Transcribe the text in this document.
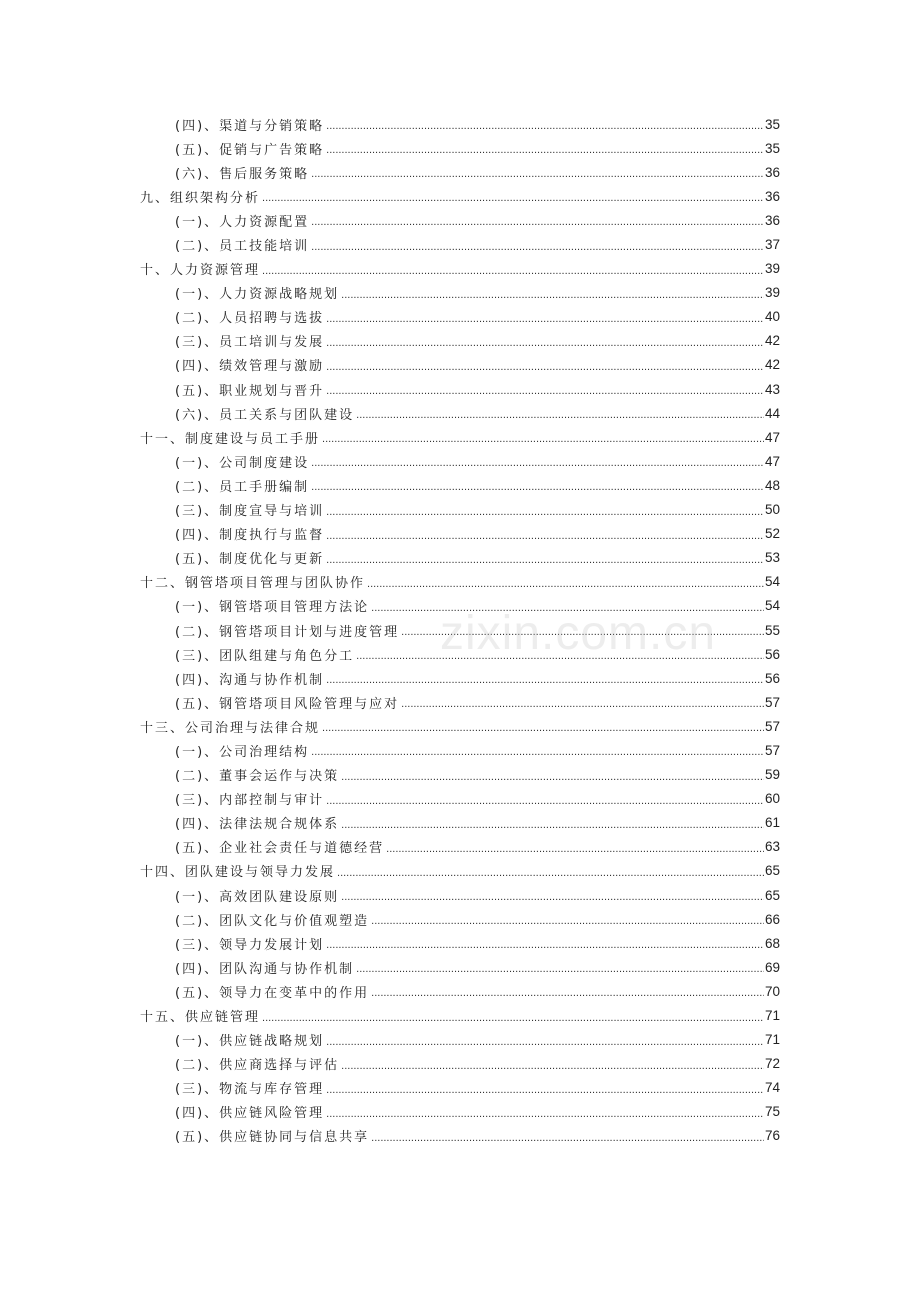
(四)、渠道与分销策略 .....	35
(五)、促销与广告策略 .....	35
(六)、售后服务策略 .....	36
九、组织架构分析 .....	36
(一)、人力资源配置 .....	36
(二)、员工技能培训 .....	37
十、人力资源管理 .....	39
(一)、人力资源战略规划 .....	39
(二)、人员招聘与选拔 .....	40
(三)、员工培训与发展 .....	42
(四)、绩效管理与激励 .....	42
(五)、职业规划与晋升 .....	43
(六)、员工关系与团队建设 .....	44
十一、制度建设与员工手册 .....	47
(一)、公司制度建设 .....	47
(二)、员工手册编制 .....	48
(三)、制度宣导与培训 .....	50
(四)、制度执行与监督 .....	52
(五)、制度优化与更新 .....	53
十二、钢管塔项目管理与团队协作 .....	54
(一)、钢管塔项目管理方法论 .....	54
(二)、钢管塔项目计划与进度管理 .....	55
(三)、团队组建与角色分工 .....	56
(四)、沟通与协作机制 .....	56
(五)、钢管塔项目风险管理与应对 .....	57
十三、公司治理与法律合规 .....	57
(一)、公司治理结构 .....	57
(二)、董事会运作与决策 .....	59
(三)、内部控制与审计 .....	60
(四)、法律法规合规体系 .....	61
(五)、企业社会责任与道德经营 .....	63
十四、团队建设与领导力发展 .....	65
(一)、高效团队建设原则 .....	65
(二)、团队文化与价值观塑造 .....	66
(三)、领导力发展计划 .....	68
(四)、团队沟通与协作机制 .....	69
(五)、领导力在变革中的作用 .....	70
十五、供应链管理 .....	71
(一)、供应链战略规划 .....	71
(二)、供应商选择与评估 .....	72
(三)、物流与库存管理 .....	74
(四)、供应链风险管理 .....	75
(五)、供应链协同与信息共享 .....	76
zixin.com.cn
